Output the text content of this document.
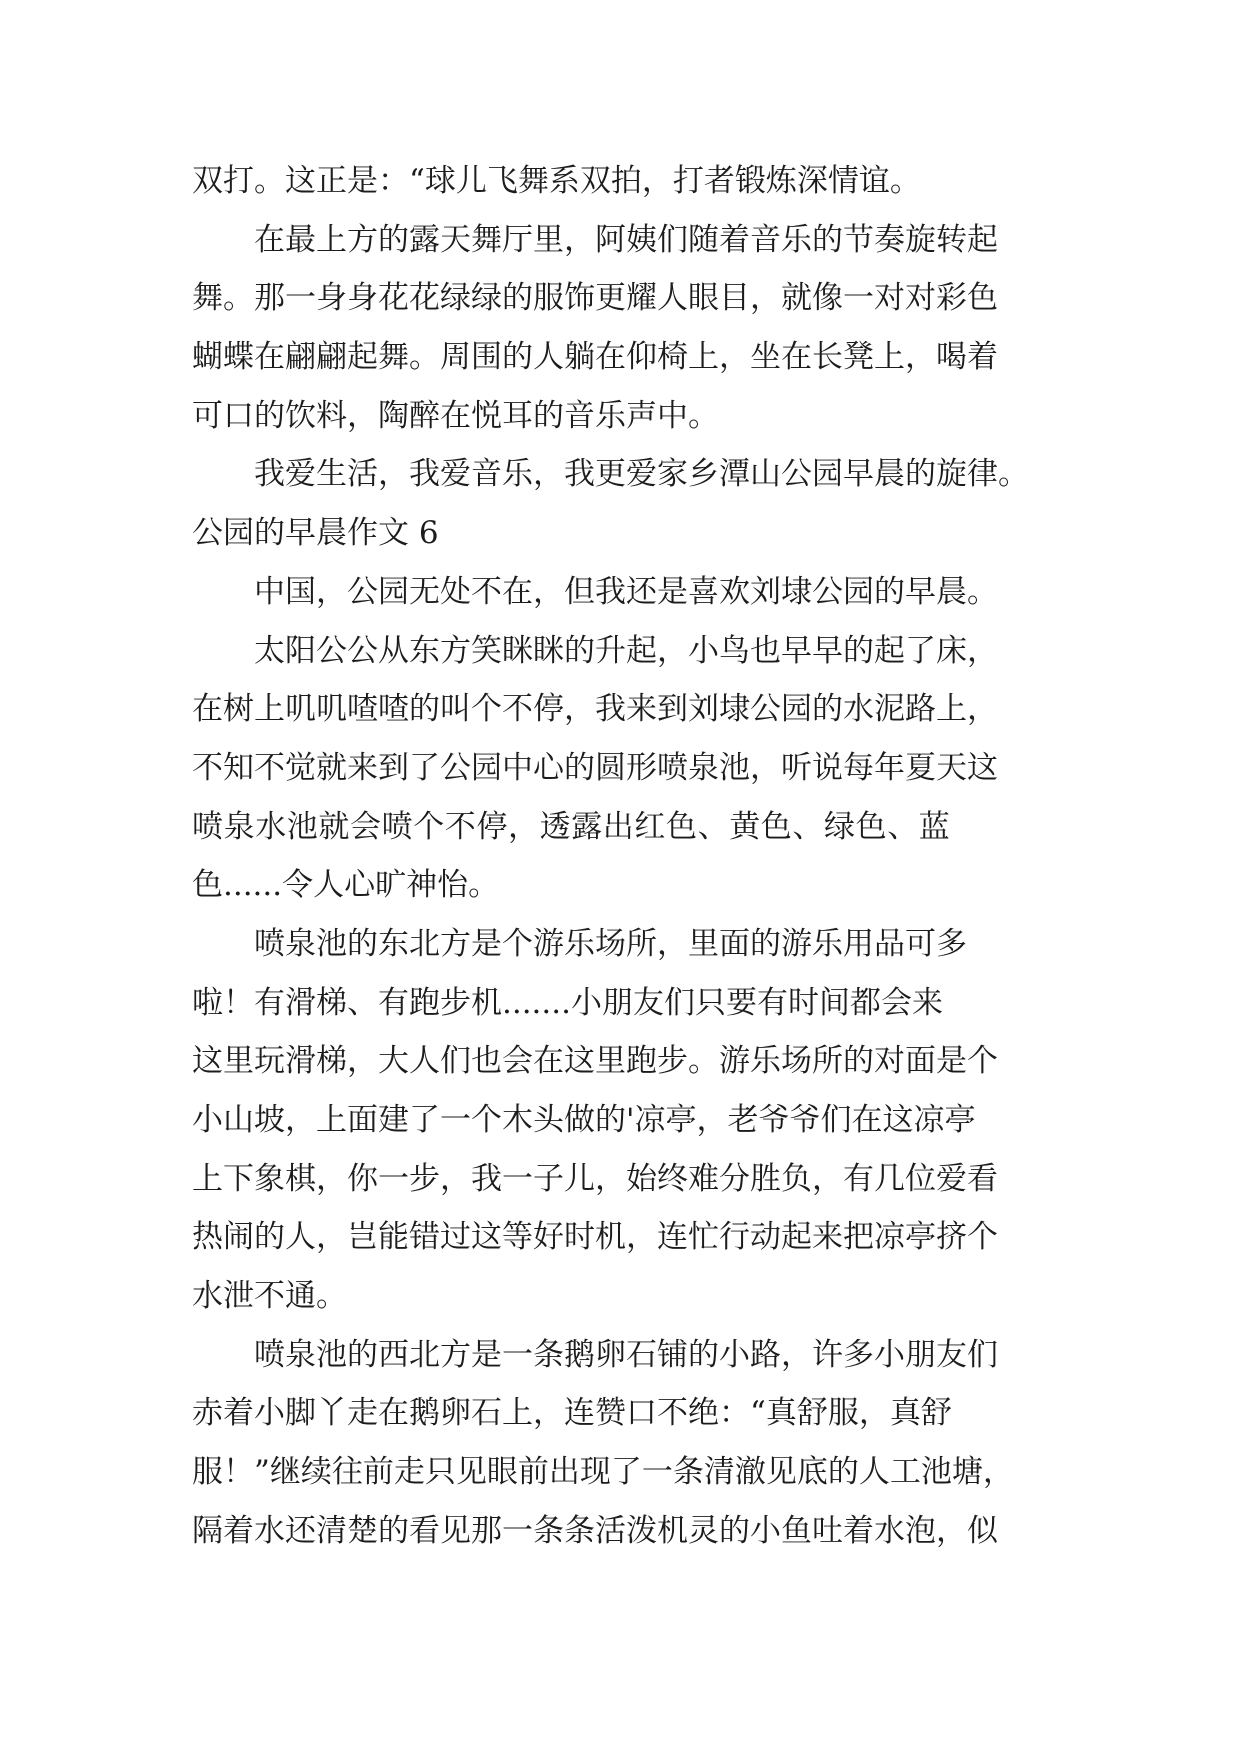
双打。这正是：“球儿飞舞系双拍，打者锻炼深情谊。
在最上方的露天舞厅里，阿姨们随着音乐的节奏旋转起
舞。那一身身花花绿绿的服饰更耀人眼目，就像一对对彩色
蝴蝶在翩翩起舞。周围的人躺在仰椅上，坐在长凳上，喝着
可口的饮料，陶醉在悦耳的音乐声中。
我爱生活，我爱音乐，我更爱家乡潭山公园早晨的旋律。
公园的早晨作文 6
中国，公园无处不在，但我还是喜欢刘埭公园的早晨。
太阳公公从东方笑眯眯的升起，小鸟也早早的起了床，
在树上叽叽喳喳的叫个不停，我来到刘埭公园的水泥路上，
不知不觉就来到了公园中心的圆形喷泉池，听说每年夏天这
喷泉水池就会喷个不停，透露出红色、黄色、绿色、蓝
色......令人心旷神怡。
喷泉池的东北方是个游乐场所，里面的游乐用品可多
啦！有滑梯、有跑步机.......小朋友们只要有时间都会来
这里玩滑梯，大人们也会在这里跑步。游乐场所的对面是个
小山坡，上面建了一个木头做的'凉亭，老爷爷们在这凉亭
上下象棋，你一步，我一子儿，始终难分胜负，有几位爱看
热闹的人，岂能错过这等好时机，连忙行动起来把凉亭挤个
水泄不通。
喷泉池的西北方是一条鹅卵石铺的小路，许多小朋友们
赤着小脚丫走在鹅卵石上，连赞口不绝：“真舒服，真舒
服！”继续往前走只见眼前出现了一条清澈见底的人工池塘，
隔着水还清楚的看见那一条条活泼机灵的小鱼吐着水泡，似
